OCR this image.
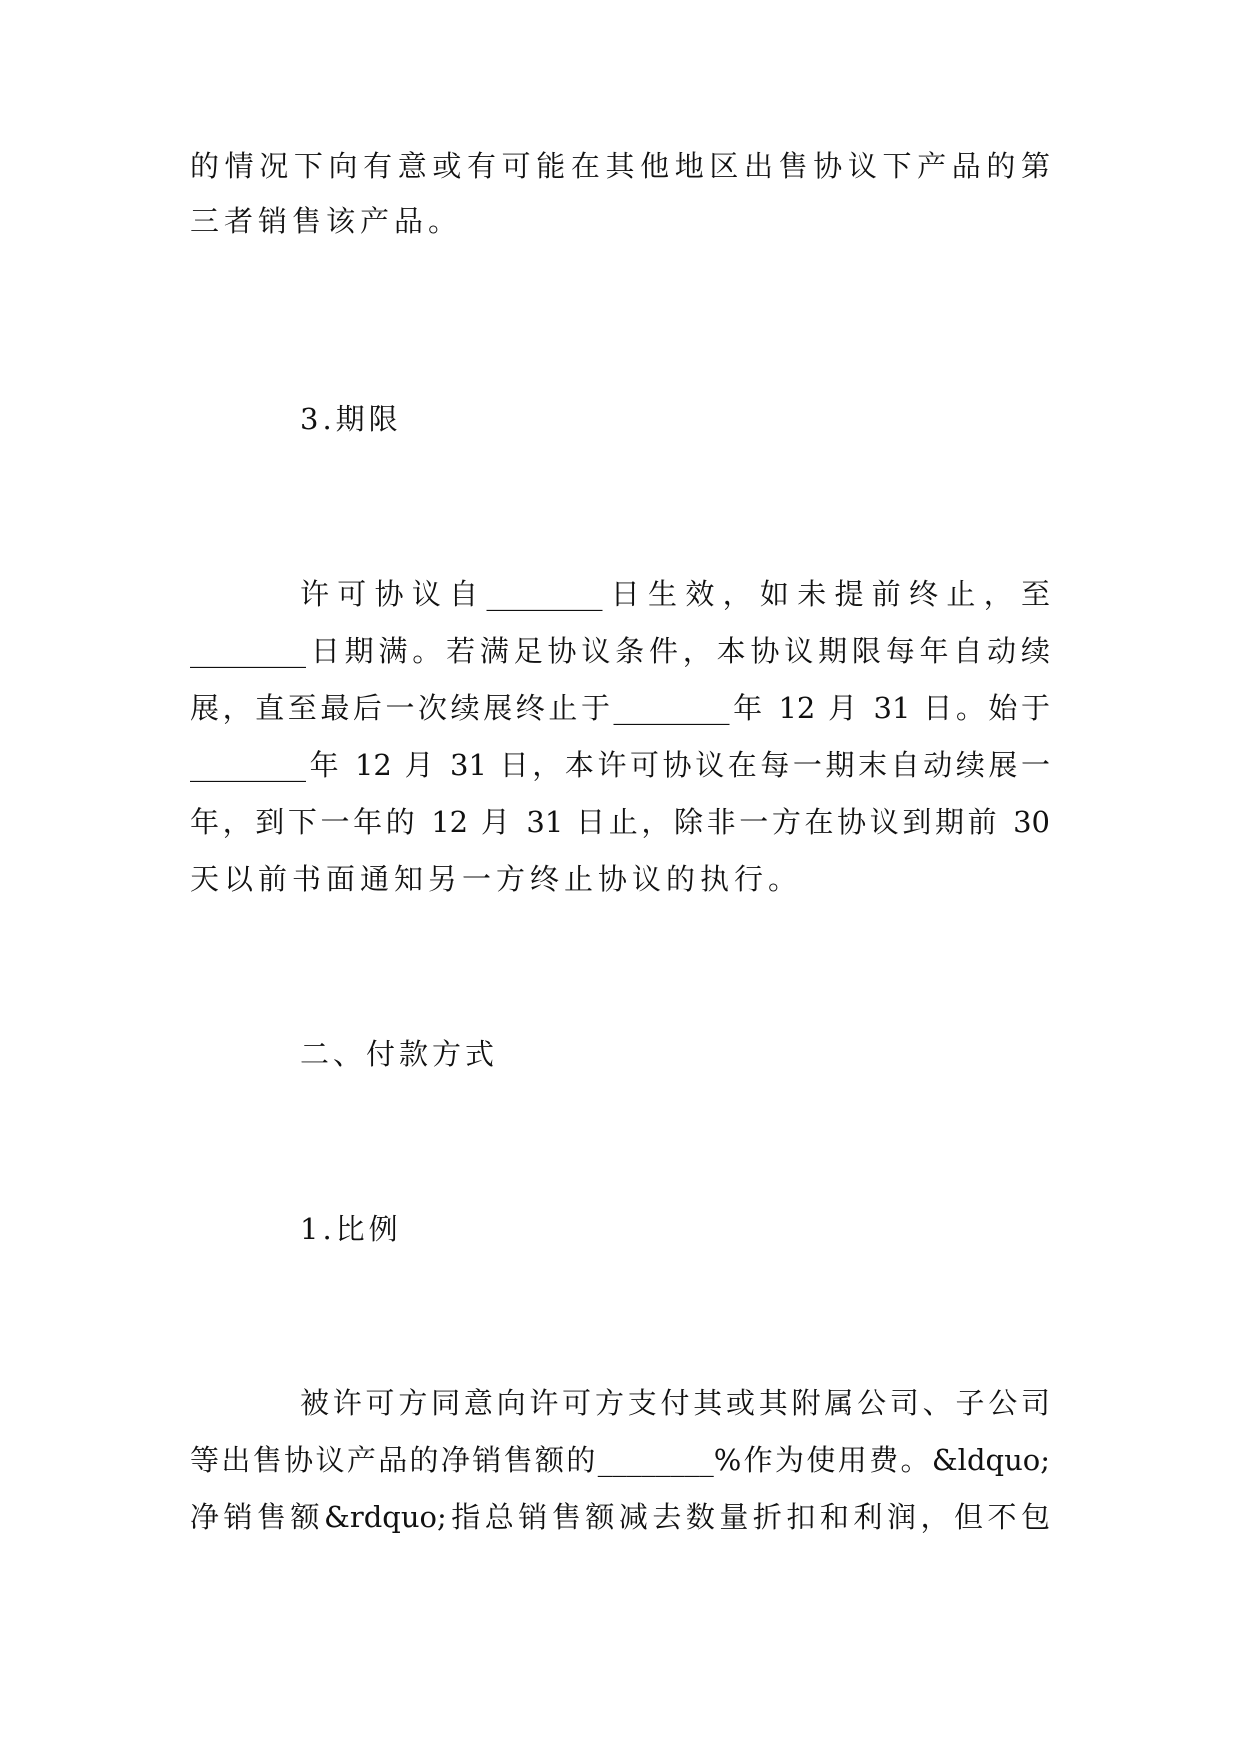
的情况下向有意或有可能在其他地区出售协议下产品的第
三者销售该产品。
3.期限
许可协议自________日生效，如未提前终止，至
________日期满。若满足协议条件，本协议期限每年自动续
展，直至最后一次续展终止于________年 12 月 31 日。始于
________年 12 月 31 日，本许可协议在每一期末自动续展一
年，到下一年的 12 月 31 日止，除非一方在协议到期前 30
天以前书面通知另一方终止协议的执行。
二、付款方式
1.比例
被许可方同意向许可方支付其或其附属公司、子公司
等出售协议产品的净销售额的________%作为使用费。&ldquo;
净销售额&rdquo;指总销售额减去数量折扣和利润，但不包
